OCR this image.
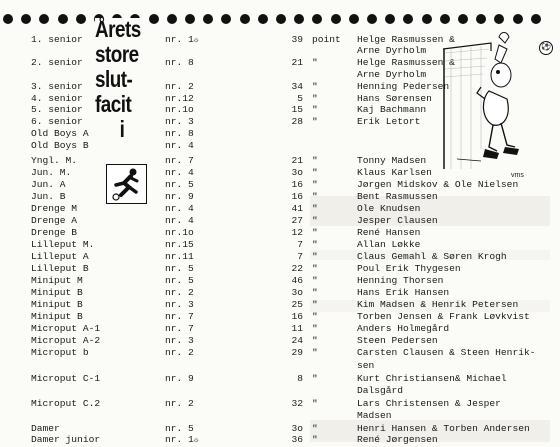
⚽
1. senior	nr. 1☼	39 point Helge Rasmussen &
Arne Dyrholm
2. senior	nr. 8	21 "	Helge Rasmussen &
Arne Dyrholm
3. senior	nr. 2	34 "	Henning Pedersen
4. senior	nr.12	5 "	Hans Sørensen
5. senior	nr.1o	15 "	Kaj Bachmann
6. senior	nr. 3	28 "	Erik Letort
Old Boys A	nr. 8
Old Boys B	nr. 4
Yngl. M.	nr. 7	21 "	Tonny Madsen
Jun. M.	nr. 4	3o "	Klaus Karlsen
Jun. A	nr. 5	16 "	Jørgen Midskov & Ole Nielsen
Jun. B	nr. 9	16 "	Bent Rasmussen
Drenge M	nr. 4	41 "	Ole Knudsen
Drenge A	nr. 4	27 "	Jesper Clausen
Drenge B	nr.1o	12 "	René Hansen
Lilleput M.	nr.15	7 "	Allan Løkke
Lilleput A	nr.11	7 "	Claus Gemahl & Søren Krogh
Lilleput B	nr. 5	22 "	Poul Erik Thygesen
Miniput M	nr. 5	46 "	Henning Thorsen
Miniput B	nr. 2	3o "	Hans Erik Hansen
Miniput B	nr. 3	25 "	Kim Madsen & Henrik Petersen
Miniput B	nr. 7	16 "	Torben Jensen & Frank Løvkvist
Microput A-1	nr. 7	11 "	Anders Holmegård
Microput A-2	nr. 3	24 "	Steen Pedersen
Microput b	nr. 2	29 "	Carsten Clausen & Steen Henrik-
sen
Microput C-1	nr. 9	8 "	Kurt Christiansen& Michael
Dalsgård
Microput C.2	nr. 2	32 "	Lars Christensen & Jesper
Madsen
Damer	nr. 5	3o "	Henri Hansen & Torben Andersen
Damer junior	nr. 1☼	36 "	René Jørgensen
Årets
store
slut-
facit
i
vms
